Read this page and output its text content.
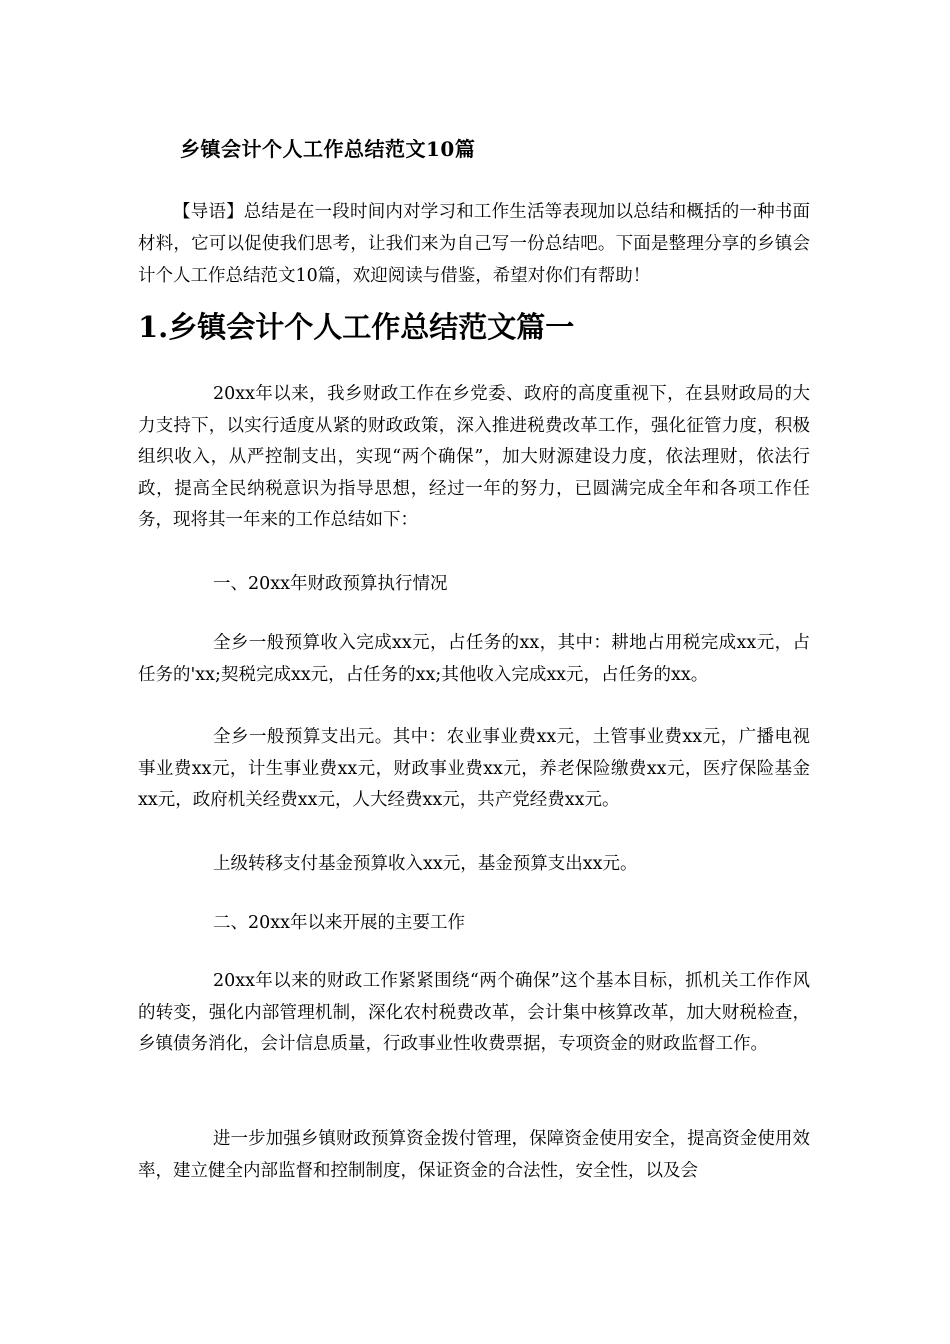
乡镇会计个人工作总结范文10篇

【导语】总结是在一段时间内对学习和工作生活等表现加以总结和概括的一种书面材料，它可以促使我们思考，让我们来为自己写一份总结吧。下面是整理分享的乡镇会计个人工作总结范文10篇，欢迎阅读与借鉴，希望对你们有帮助！

1.乡镇会计个人工作总结范文篇一

20xx年以来，我乡财政工作在乡党委、政府的高度重视下，在县财政局的大力支持下，以实行适度从紧的财政政策，深入推进税费改革工作，强化征管力度，积极组织收入，从严控制支出，实现“两个确保”，加大财源建设力度，依法理财，依法行政，提高全民纳税意识为指导思想，经过一年的努力，已圆满完成全年和各项工作任务，现将其一年来的工作总结如下：

一、20xx年财政预算执行情况

全乡一般预算收入完成xx元，占任务的xx，其中：耕地占用税完成xx元，占任务的'xx;契税完成xx元，占任务的xx;其他收入完成xx元，占任务的xx。

全乡一般预算支出元。其中：农业事业费xx元，土管事业费xx元，广播电视事业费xx元，计生事业费xx元，财政事业费xx元，养老保险缴费xx元，医疗保险基金xx元，政府机关经费xx元，人大经费xx元，共产党经费xx元。

上级转移支付基金预算收入xx元，基金预算支出xx元。

二、20xx年以来开展的主要工作

20xx年以来的财政工作紧紧围绕“两个确保”这个基本目标，抓机关工作作风的转变，强化内部管理机制，深化农村税费改革，会计集中核算改革，加大财税检查，乡镇债务消化，会计信息质量，行政事业性收费票据，专项资金的财政监督工作。

进一步加强乡镇财政预算资金拨付管理，保障资金使用安全，提高资金使用效率，建立健全内部监督和控制制度，保证资金的合法性，安全性，以及会
